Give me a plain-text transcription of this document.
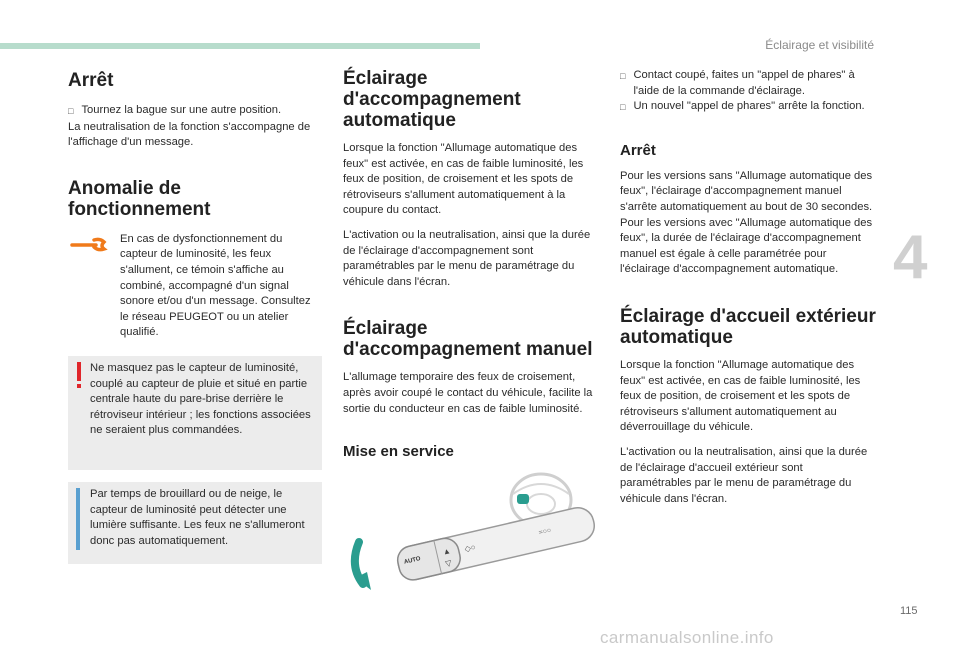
Éclairage et visibilité
4
115
carmanualsonline.info
Arrêt
□ Tournez la bague sur une autre position.

La neutralisation de la fonction s'accompagne de l'affichage d'un message.

Anomalie de fonctionnement

En cas de dysfonctionnement du capteur de luminosité, les feux s'allument, ce témoin s'affiche au combiné, accompagné d'un signal sonore et/ou d'un message. Consultez le réseau PEUGEOT ou un atelier qualifié.

Ne masquez pas le capteur de luminosité, couplé au capteur de pluie et situé en partie centrale haute du pare-brise derrière le rétroviseur intérieur ; les fonctions associées ne seraient plus commandées.

Par temps de brouillard ou de neige, le capteur de luminosité peut détecter une lumière suffisante. Les feux ne s'allumeront donc pas automatiquement.

Éclairage d'accompagnement automatique

Lorsque la fonction "Allumage automatique des feux" est activée, en cas de faible luminosité, les feux de position, de croisement et les spots de rétroviseurs s'allument automatiquement à la coupure du contact.

L'activation ou la neutralisation, ainsi que la durée de l'éclairage d'accompagnement sont paramétrables par le menu de paramétrage du véhicule dans l'écran.

Éclairage d'accompagnement manuel

L'allumage temporaire des feux de croisement, après avoir coupé le contact du véhicule, facilite la sortie du conducteur en cas de faible luminosité.

Mise en service
AUTO
▲
▽
◇○
=○○
□ Contact coupé, faites un "appel de phares" à l'aide de la commande d'éclairage.
□ Un nouvel "appel de phares" arrête la fonction.
Arrêt

Pour les versions sans "Allumage automatique des feux", l'éclairage d'accompagnement manuel s'arrête automatiquement au bout de 30 secondes.

Pour les versions avec "Allumage automatique des feux", la durée de l'éclairage d'accompagnement manuel est égale à celle paramétrée pour l'éclairage d'accompagnement automatique.

Éclairage d'accueil extérieur automatique

Lorsque la fonction "Allumage automatique des feux" est activée, en cas de faible luminosité, les feux de position, de croisement et les spots de rétroviseurs s'allument automatiquement au déverrouillage du véhicule.

L'activation ou la neutralisation, ainsi que la durée de l'éclairage d'accueil extérieur sont paramétrables par le menu de paramétrage du véhicule dans l'écran.
